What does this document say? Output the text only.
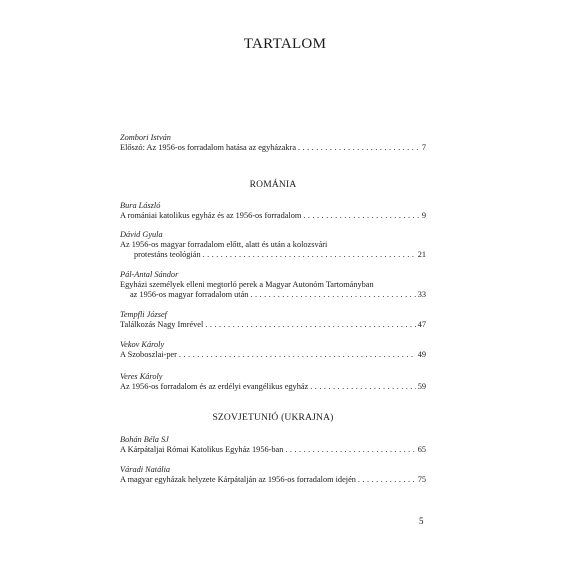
TARTALOM
Zombori István
Előszó: Az 1956-os forradalom hatása az egyházakra . . .	7
ROMÁNIA
Bura László
A romániai katolikus egyház és az 1956-os forradalom . . .	9
Dávid Gyula
Az 1956-os magyar forradalom előtt, alatt és után a kolozsvári
protestáns teológián . . .	21
Pál-Antal Sándor
Egyházi személyek elleni megtorló perek a Magyar Autonóm Tartományban
az 1956-os magyar forradalom után . . .	33
Tempfli József
Találkozás Nagy Imrével . . .	47
Vekov Károly
A Szoboszlai-per . . .	49
Veres Károly
Az 1956-os forradalom és az erdélyi evangélikus egyház . . .	59
SZOVJETUNIÓ (UKRAJNA)
Bohán Béla SJ
A Kárpátaljai Római Katolikus Egyház 1956-ban . . .	65
Váradi Natália
A magyar egyházak helyzete Kárpátalján az 1956-os forradalom idején . . .	75
5
